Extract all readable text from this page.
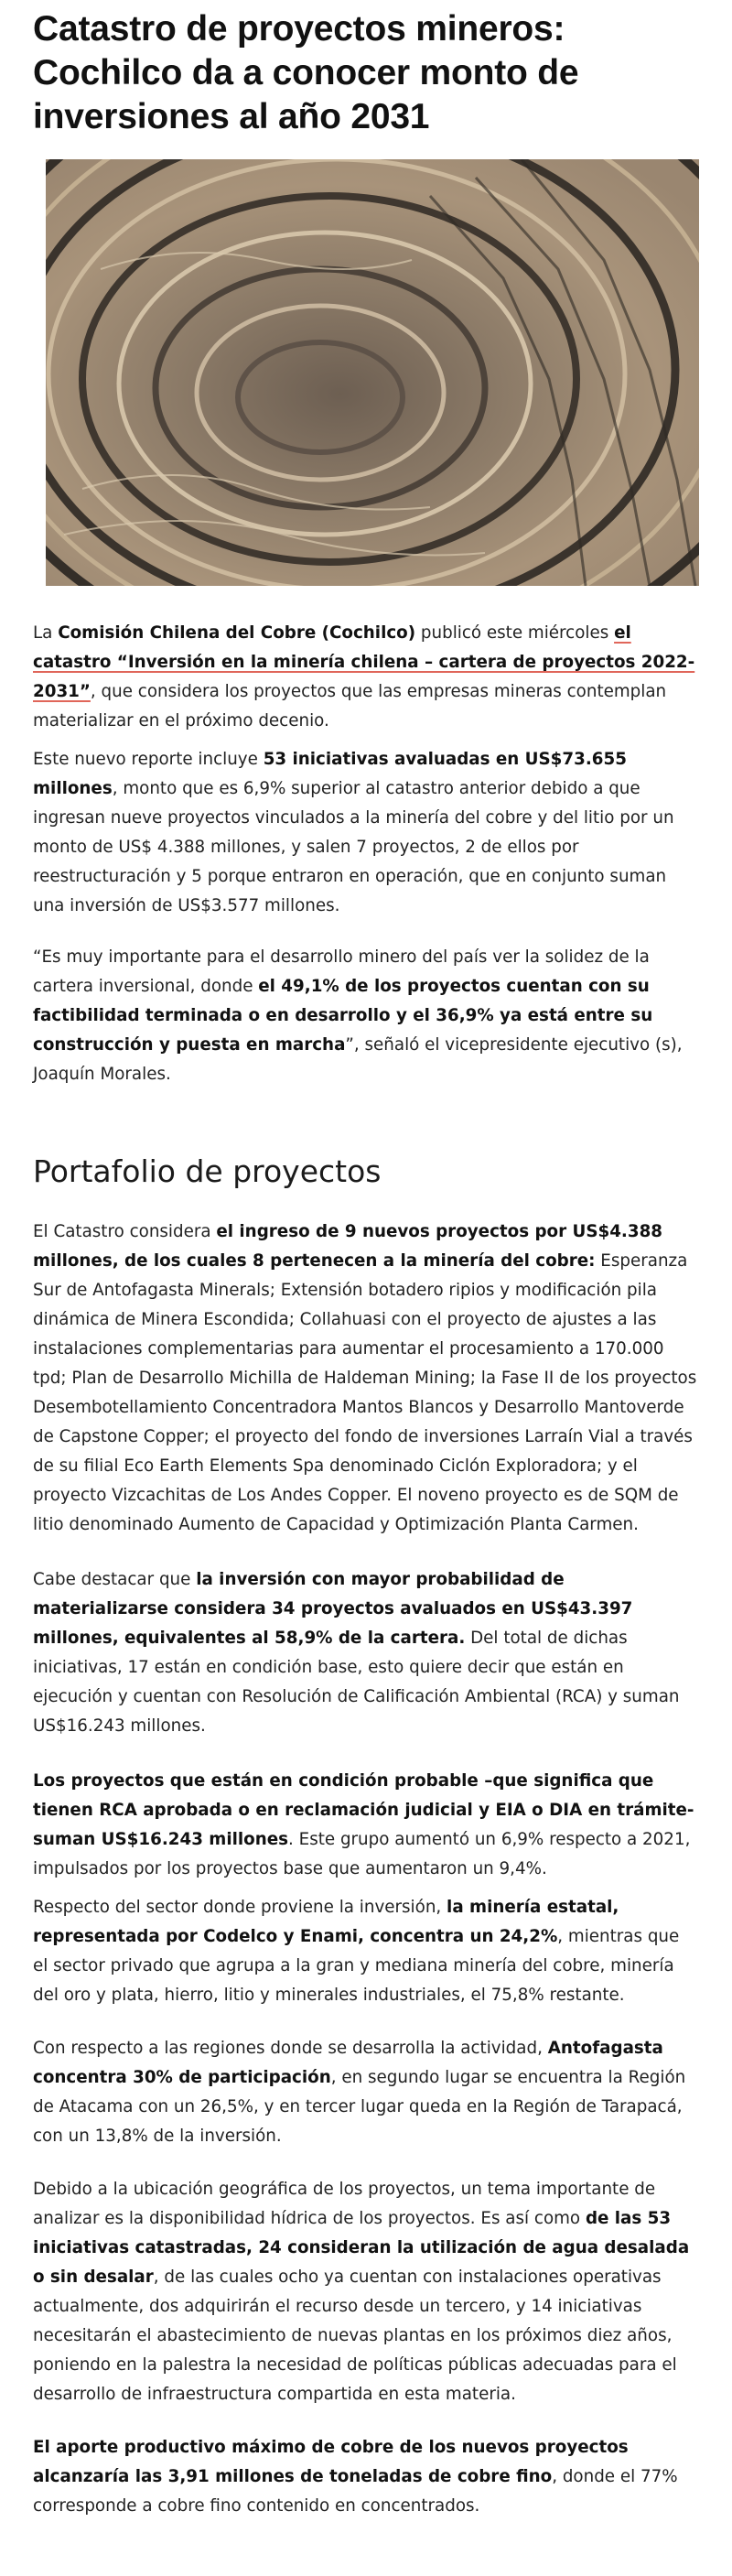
Catastro de proyectos mineros: Cochilco da a conocer monto de inversiones al año 2031

La Comisión Chilena del Cobre (Cochilco) publicó este miércoles el catastro “Inversión en la minería chilena – cartera de proyectos 2022-2031”, que considera los proyectos que las empresas mineras contemplan materializar en el próximo decenio.

Este nuevo reporte incluye 53 iniciativas avaluadas en US$73.655 millones, monto que es 6,9% superior al catastro anterior debido a que ingresan nueve proyectos vinculados a la minería del cobre y del litio por un monto de US$ 4.388 millones, y salen 7 proyectos, 2 de ellos por reestructuración y 5 porque entraron en operación, que en conjunto suman una inversión de US$3.577 millones.

“Es muy importante para el desarrollo minero del país ver la solidez de la cartera inversional, donde el 49,1% de los proyectos cuentan con su factibilidad terminada o en desarrollo y el 36,9% ya está entre su construcción y puesta en marcha”, señaló el vicepresidente ejecutivo (s), Joaquín Morales.

Portafolio de proyectos

El Catastro considera el ingreso de 9 nuevos proyectos por US$4.388 millones, de los cuales 8 pertenecen a la minería del cobre: Esperanza Sur de Antofagasta Minerals; Extensión botadero ripios y modificación pila dinámica de Minera Escondida; Collahuasi con el proyecto de ajustes a las instalaciones complementarias para aumentar el procesamiento a 170.000 tpd; Plan de Desarrollo Michilla de Haldeman Mining; la Fase II de los proyectos Desembotellamiento Concentradora Mantos Blancos y Desarrollo Mantoverde de Capstone Copper; el proyecto del fondo de inversiones Larraín Vial a través de su filial Eco Earth Elements Spa denominado Ciclón Exploradora; y el proyecto Vizcachitas de Los Andes Copper. El noveno proyecto es de SQM de litio denominado Aumento de Capacidad y Optimización Planta Carmen.

Cabe destacar que la inversión con mayor probabilidad de materializarse considera 34 proyectos avaluados en US$43.397 millones, equivalentes al 58,9% de la cartera. Del total de dichas iniciativas, 17 están en condición base, esto quiere decir que están en ejecución y cuentan con Resolución de Calificación Ambiental (RCA) y suman US$16.243 millones.

Los proyectos que están en condición probable –que significa que tienen RCA aprobada o en reclamación judicial y EIA o DIA en trámite- suman US$16.243 millones. Este grupo aumentó un 6,9% respecto a 2021, impulsados por los proyectos base que aumentaron un 9,4%.

Respecto del sector donde proviene la inversión, la minería estatal, representada por Codelco y Enami, concentra un 24,2%, mientras que el sector privado que agrupa a la gran y mediana minería del cobre, minería del oro y plata, hierro, litio y minerales industriales, el 75,8% restante.

Con respecto a las regiones donde se desarrolla la actividad, Antofagasta concentra 30% de participación, en segundo lugar se encuentra la Región de Atacama con un 26,5%, y en tercer lugar queda en la Región de Tarapacá, con un 13,8% de la inversión.

Debido a la ubicación geográfica de los proyectos, un tema importante de analizar es la disponibilidad hídrica de los proyectos. Es así como de las 53 iniciativas catastradas, 24 consideran la utilización de agua desalada o sin desalar, de las cuales ocho ya cuentan con instalaciones operativas actualmente, dos adquirirán el recurso desde un tercero, y 14 iniciativas necesitarán el abastecimiento de nuevas plantas en los próximos diez años, poniendo en la palestra la necesidad de políticas públicas adecuadas para el desarrollo de infraestructura compartida en esta materia.

El aporte productivo máximo de cobre de los nuevos proyectos alcanzaría las 3,91 millones de toneladas de cobre fino, donde el 77% corresponde a cobre fino contenido en concentrados.
